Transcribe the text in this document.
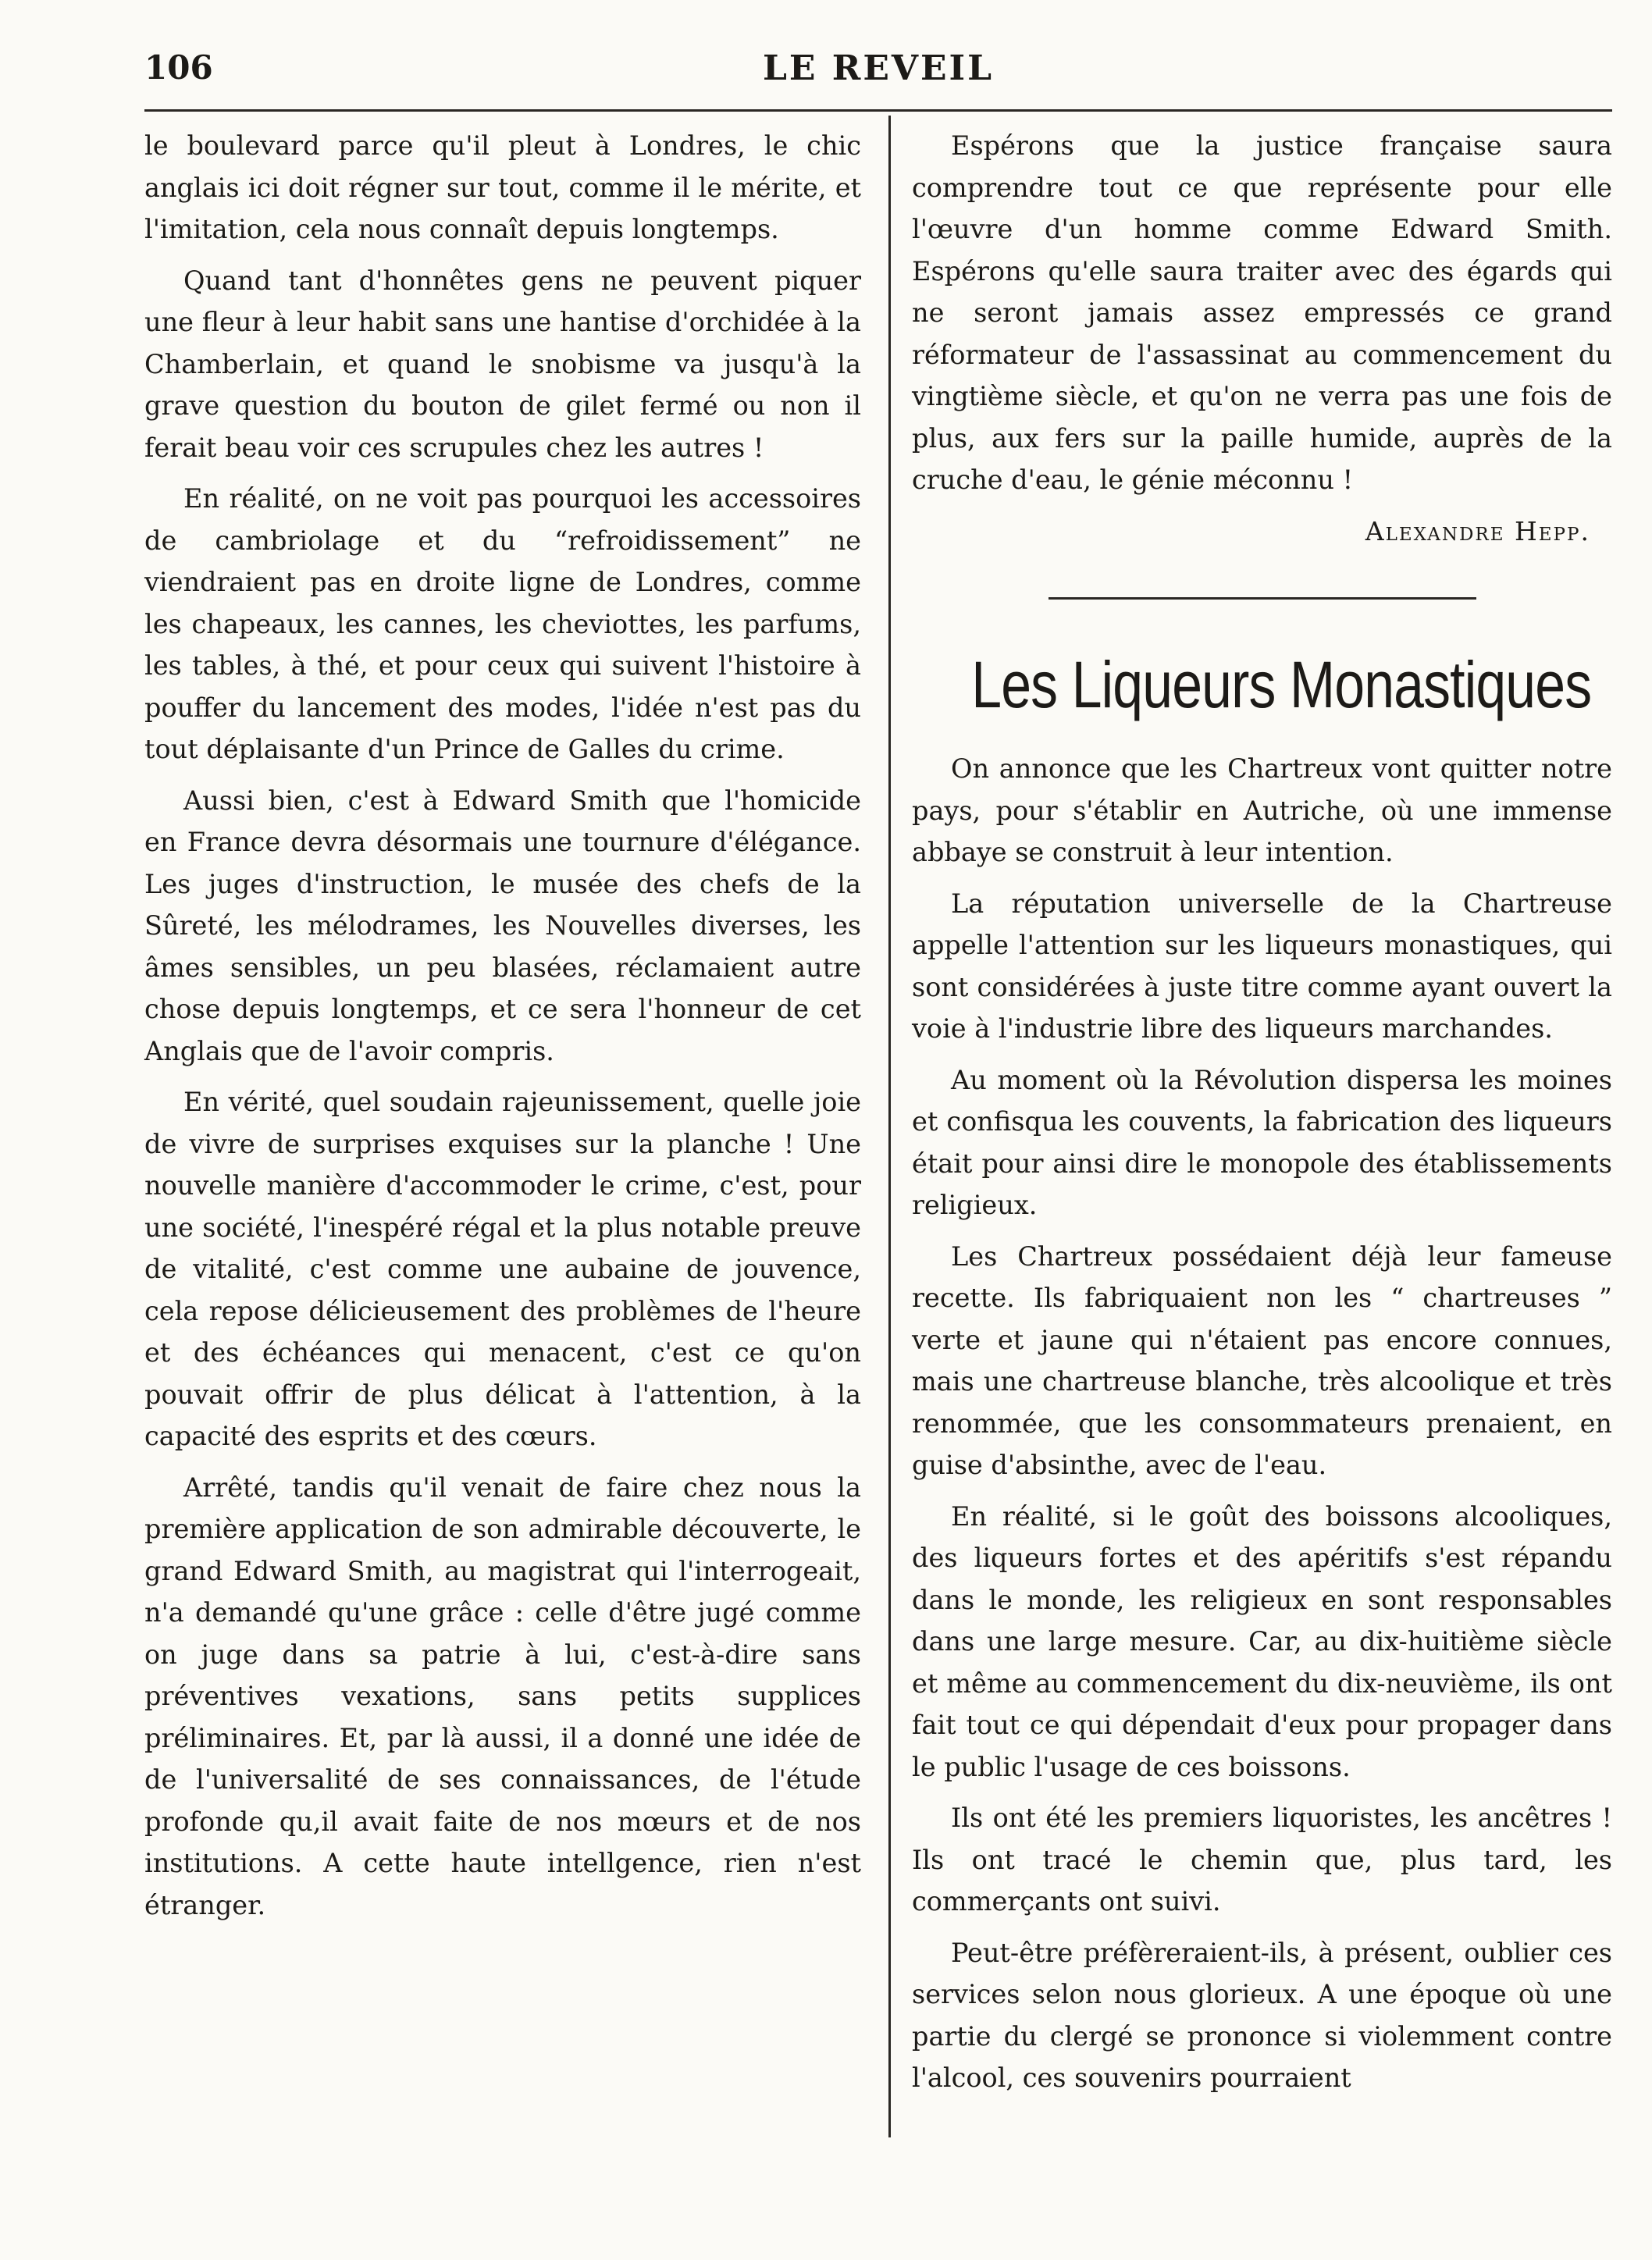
106	LE REVEIL

le boulevard parce qu'il pleut à Londres, le chic anglais ici doit régner sur tout, comme il le mérite, et l'imitation, cela nous connaît depuis longtemps.

Quand tant d'honnêtes gens ne peuvent piquer une fleur à leur habit sans une hantise d'orchidée à la Chamberlain, et quand le snobisme va jusqu'à la grave question du bouton de gilet fermé ou non il ferait beau voir ces scrupules chez les autres !

En réalité, on ne voit pas pourquoi les accessoires de cambriolage et du “refroidissement” ne viendraient pas en droite ligne de Londres, comme les chapeaux, les cannes, les cheviottes, les parfums, les tables, à thé, et pour ceux qui suivent l'histoire à pouffer du lancement des modes, l'idée n'est pas du tout déplaisante d'un Prince de Galles du crime.

Aussi bien, c'est à Edward Smith que l'homicide en France devra désormais une tournure d'élégance. Les juges d'instruction, le musée des chefs de la Sûreté, les mélodrames, les Nouvelles diverses, les âmes sensibles, un peu blasées, réclamaient autre chose depuis longtemps, et ce sera l'honneur de cet Anglais que de l'avoir compris.

En vérité, quel soudain rajeunissement, quelle joie de vivre de surprises exquises sur la planche ! Une nouvelle manière d'accommoder le crime, c'est, pour une société, l'inespéré régal et la plus notable preuve de vitalité, c'est comme une aubaine de jouvence, cela repose délicieusement des problèmes de l'heure et des échéances qui menacent, c'est ce qu'on pouvait offrir de plus délicat à l'attention, à la capacité des esprits et des cœurs.

Arrêté, tandis qu'il venait de faire chez nous la première application de son admirable découverte, le grand Edward Smith, au magistrat qui l'interrogeait, n'a demandé qu'une grâce : celle d'être jugé comme on juge dans sa patrie à lui, c'est-à-dire sans préventives vexations, sans petits supplices préliminaires. Et, par là aussi, il a donné une idée de de l'universalité de ses connaissances, de l'étude profonde qu,il avait faite de nos mœurs et de nos institutions. A cette haute intellgence, rien n'est étranger.

Espérons que la justice française saura comprendre tout ce que représente pour elle l'œuvre d'un homme comme Edward Smith. Espérons qu'elle saura traiter avec des égards qui ne seront jamais assez empressés ce grand réformateur de l'assassinat au commencement du vingtième siècle, et qu'on ne verra pas une fois de plus, aux fers sur la paille humide, auprès de la cruche d'eau, le génie méconnu !

Alexandre Hepp.
Les Liqueurs Monastiques

On annonce que les Chartreux vont quitter notre pays, pour s'établir en Autriche, où une immense abbaye se construit à leur intention.

La réputation universelle de la Chartreuse appelle l'attention sur les liqueurs monastiques, qui sont considérées à juste titre comme ayant ouvert la voie à l'industrie libre des liqueurs marchandes.

Au moment où la Révolution dispersa les moines et confisqua les couvents, la fabrication des liqueurs était pour ainsi dire le monopole des établissements religieux.

Les Chartreux possédaient déjà leur fameuse recette. Ils fabriquaient non les “ chartreuses ” verte et jaune qui n'étaient pas encore connues, mais une chartreuse blanche, très alcoolique et très renommée, que les consommateurs prenaient, en guise d'absinthe, avec de l'eau.

En réalité, si le goût des boissons alcooliques, des liqueurs fortes et des apéritifs s'est répandu dans le monde, les religieux en sont responsables dans une large mesure. Car, au dix-huitième siècle et même au commencement du dix-neuvième, ils ont fait tout ce qui dépendait d'eux pour propager dans le public l'usage de ces boissons.

Ils ont été les premiers liquoristes, les ancêtres ! Ils ont tracé le chemin que, plus tard, les commerçants ont suivi.

Peut-être préfèreraient-ils, à présent, oublier ces services selon nous glorieux. A une époque où une partie du clergé se prononce si violemment contre l'alcool, ces souvenirs pourraient
